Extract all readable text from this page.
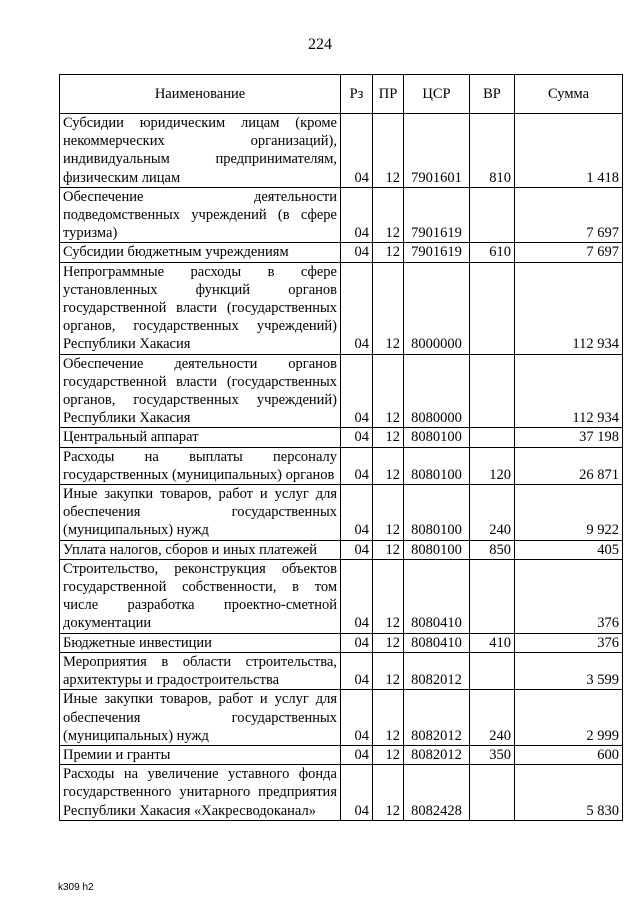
224
Наименование	Рз	ПР	ЦСР	ВР	Сумма
Субсидии юридическим лицам (кроме некоммерческих организаций), индивидуальным предпринимателям, физическим лицам	04	12	7901601	810	1 418
Обеспечение деятельности подведомственных учреждений (в сфере туризма)	04	12	7901619		7 697
Субсидии бюджетным учреждениям	04	12	7901619	610	7 697
Непрограммные расходы в сфере установленных функций органов государственной власти (государственных органов, государственных учреждений) Республики Хакасия	04	12	8000000		112 934
Обеспечение деятельности органов государственной власти (государственных органов, государственных учреждений) Республики Хакасия	04	12	8080000		112 934
Центральный аппарат	04	12	8080100		37 198
Расходы на выплаты персоналу государственных (муниципальных) органов	04	12	8080100	120	26 871
Иные закупки товаров, работ и услуг для обеспечения государственных (муниципальных) нужд	04	12	8080100	240	9 922
Уплата налогов, сборов и иных платежей	04	12	8080100	850	405
Строительство, реконструкция объектов государственной собственности, в том числе разработка проектно-сметной документации	04	12	8080410		376
Бюджетные инвестиции	04	12	8080410	410	376
Мероприятия в области строительства, архитектуры и градостроительства	04	12	8082012		3 599
Иные закупки товаров, работ и услуг для обеспечения государственных (муниципальных) нужд	04	12	8082012	240	2 999
Премии и гранты	04	12	8082012	350	600
Расходы на увеличение уставного фонда государственного унитарного предприятия Республики Хакасия «Хакресводоканал»	04	12	8082428		5 830
k309 h2
